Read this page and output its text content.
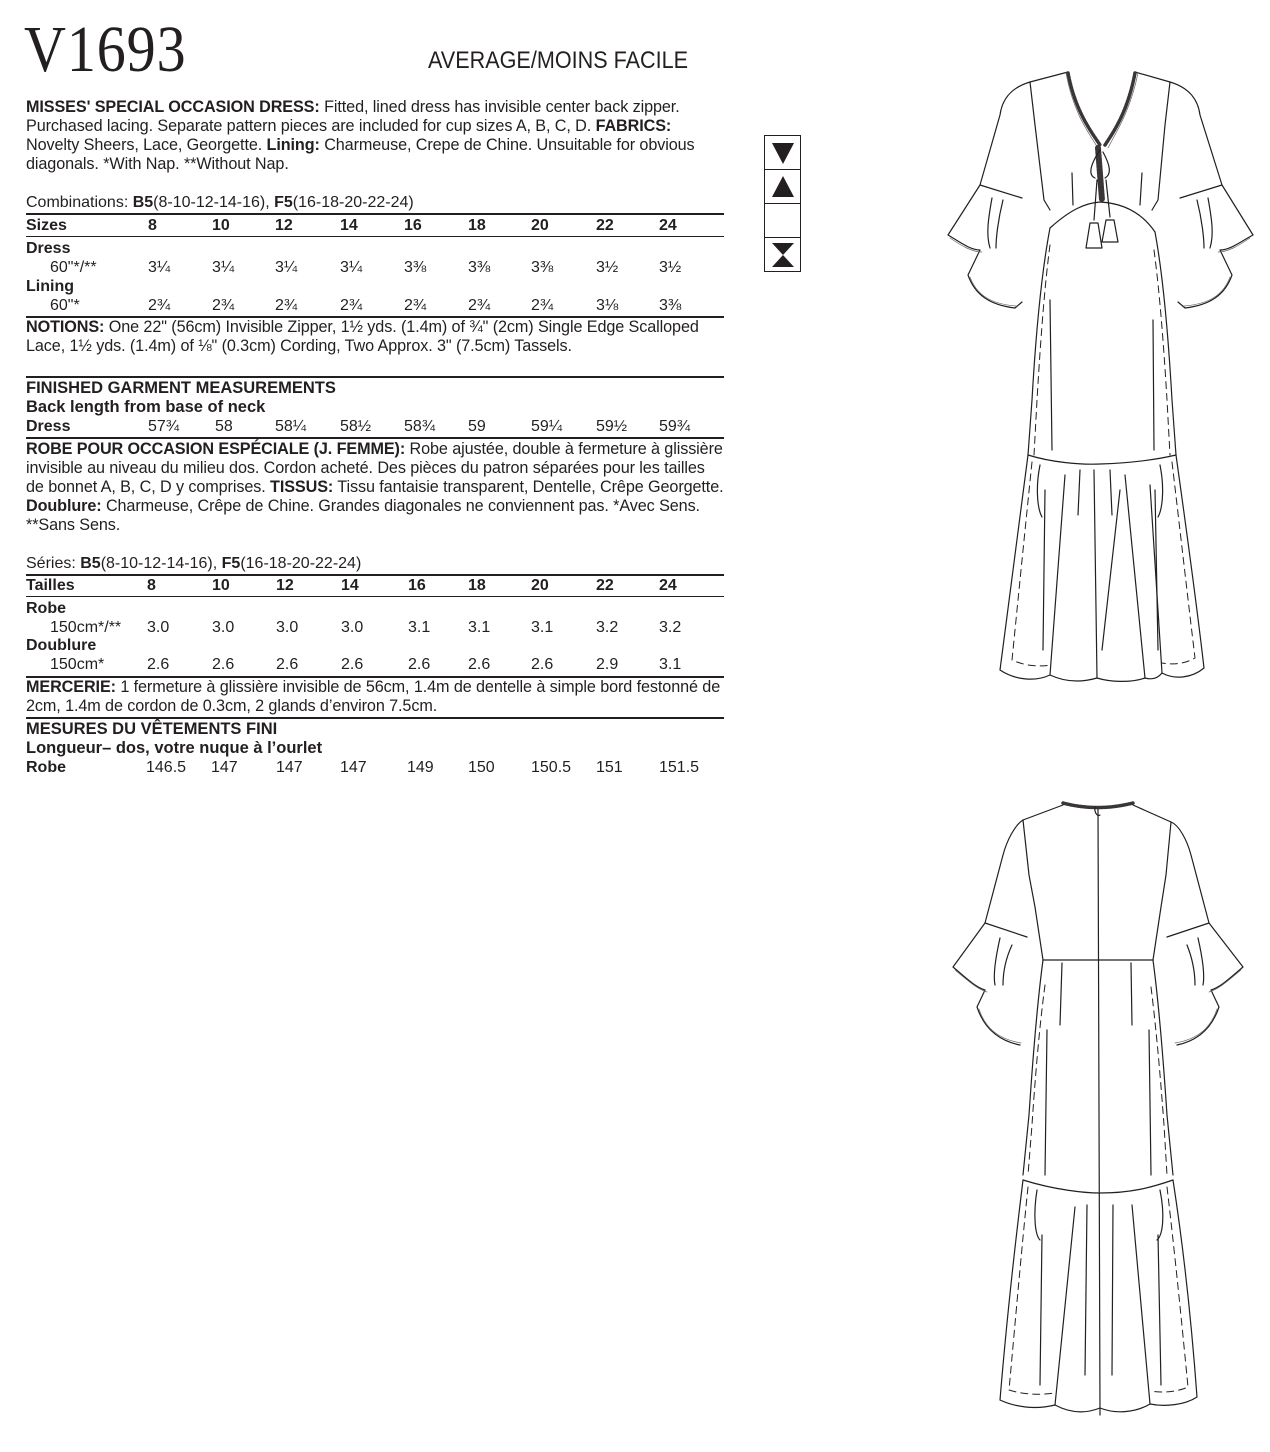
V1693	AVERAGE/MOINS FACILE
MISSES' SPECIAL OCCASION DRESS: Fitted, lined dress has invisible center back zipper. Purchased lacing. Separate pattern pieces are included for cup sizes A, B, C, D. FABRICS: Novelty Sheers, Lace, Georgette. Lining: Charmeuse, Crepe de Chine. Unsuitable for obvious diagonals. *With Nap. **Without Nap.
Combinations: B5(8-10-12-14-16), F5(16-18-20-22-24)
Sizes	8	10	12	14	16	18	20	22	24
Dress
60"*/**	3¼	3¼	3¼	3¼	3⅜	3⅜	3⅜	3½	3½
Lining
60"*	2¾	2¾	2¾	2¾	2¾	2¾	2¾	3⅛	3⅜
NOTIONS: One 22" (56cm) Invisible Zipper, 1½ yds. (1.4m) of ¾" (2cm) Single Edge Scalloped Lace, 1½ yds. (1.4m) of ⅛" (0.3cm) Cording, Two Approx. 3" (7.5cm) Tassels.
FINISHED GARMENT MEASUREMENTS
Back length from base of neck
Dress	57¾ 58	58¼ 58½ 58¾ 59	59¼ 59½ 59¾
ROBE POUR OCCASION ESPÉCIALE (J. FEMME): Robe ajustée, double à fermeture à glissière invisible au niveau du milieu dos. Cordon acheté. Des pièces du patron séparées pour les tailles de bonnet A, B, C, D y comprises. TISSUS: Tissu fantaisie transparent, Dentelle, Crêpe Georgette. Doublure: Charmeuse, Crêpe de Chine. Grandes diagonales ne conviennent pas. *Avec Sens. **Sans Sens.
Séries: B5(8-10-12-14-16), F5(16-18-20-22-24)
Tailles	8	10	12	14	16	18	20	22	24
Robe
150cm*/** 3.0	3.0	3.0	3.0	3.1 3.1	3.1	3.2	3.2
Doublure
150cm*	2.6	2.6	2.6	2.6	2.6 2.6	2.6	2.9	3.1
MERCERIE: 1 fermeture à glissière invisible de 56cm, 1.4m de dentelle à simple bord festonné de 2cm, 1.4m de cordon de 0.3cm, 2 glands d’environ 7.5cm.
MESURES DU VÊTEMENTS FINI
Longueur– dos, votre nuque à l’ourlet
Robe	146.5 147 147 147	149 150 150.5 151 151.5
